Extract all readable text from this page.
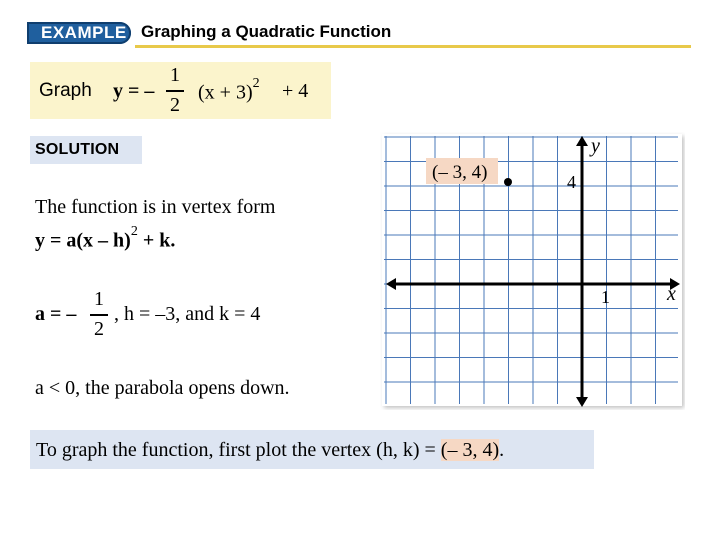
EXAMPLE Graphing a Quadratic Function
Graph y = –
1
2
$(x + 3)^2 + 4$
SOLUTION
The function is in vertex form
y = a(x – h)$^2$ + k.
a = –
1
2
, h = –3, and k = 4
a < 0, the parabola opens down.
To graph the function, first plot the vertex (h, k) = (– 3, 4).
(– 3, 4)
y
4
1	x
